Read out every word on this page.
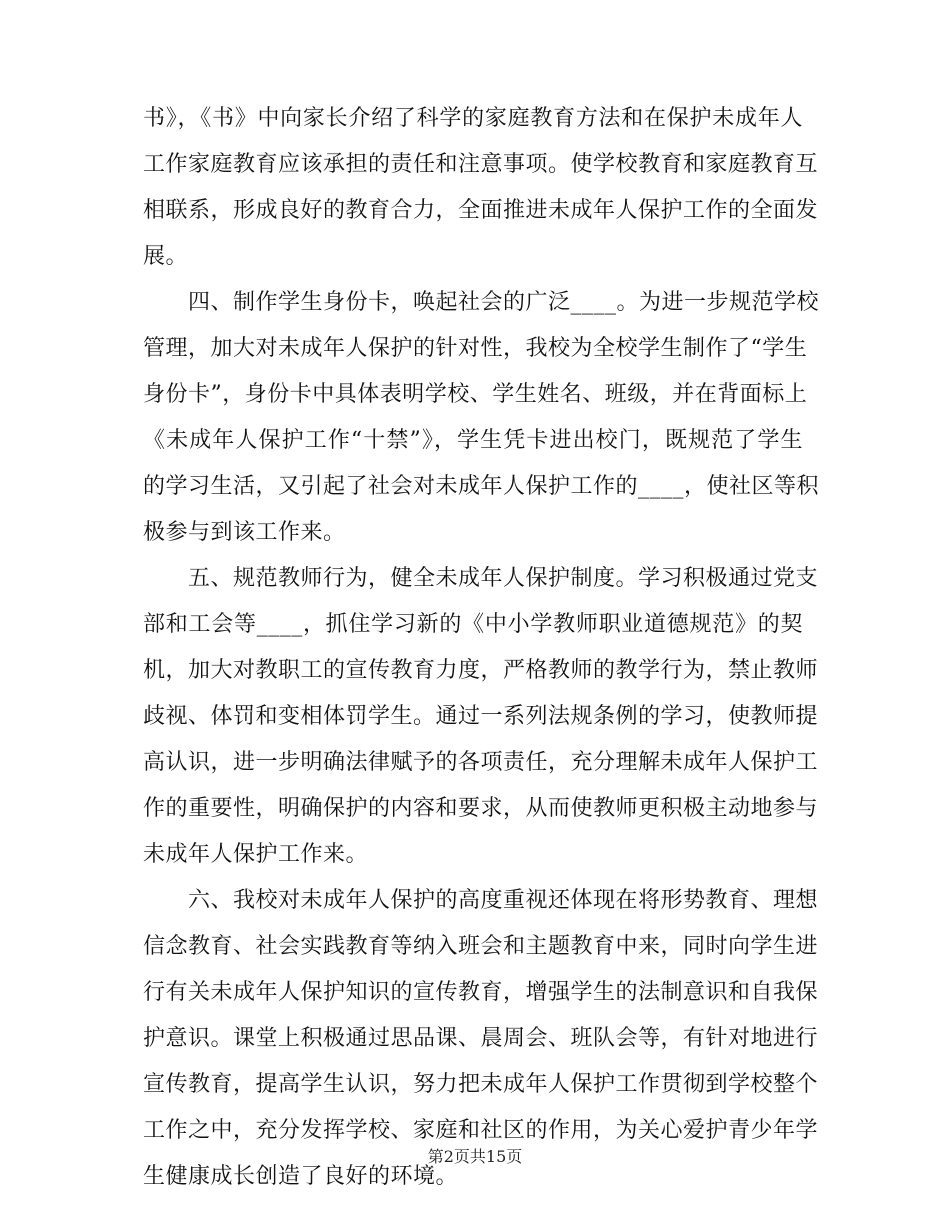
书》，《书》中向家长介绍了科学的家庭教育方法和在保护未成年人
工作家庭教育应该承担的责任和注意事项。使学校教育和家庭教育互
相联系，形成良好的教育合力，全面推进未成年人保护工作的全面发
展。

　　四、制作学生身份卡，唤起社会的广泛____。为进一步规范学校
管理，加大对未成年人保护的针对性，我校为全校学生制作了“学生
身份卡”，身份卡中具体表明学校、学生姓名、班级，并在背面标上
《未成年人保护工作“十禁”》，学生凭卡进出校门，既规范了学生
的学习生活，又引起了社会对未成年人保护工作的____，使社区等积
极参与到该工作来。

　　五、规范教师行为，健全未成年人保护制度。学习积极通过党支
部和工会等____，抓住学习新的《中小学教师职业道德规范》的契
机，加大对教职工的宣传教育力度，严格教师的教学行为，禁止教师
歧视、体罚和变相体罚学生。通过一系列法规条例的学习，使教师提
高认识，进一步明确法律赋予的各项责任，充分理解未成年人保护工
作的重要性，明确保护的内容和要求，从而使教师更积极主动地参与
未成年人保护工作来。

　　六、我校对未成年人保护的高度重视还体现在将形势教育、理想
信念教育、社会实践教育等纳入班会和主题教育中来，同时向学生进
行有关未成年人保护知识的宣传教育，增强学生的法制意识和自我保
护意识。课堂上积极通过思品课、晨周会、班队会等，有针对地进行
宣传教育，提高学生认识，努力把未成年人保护工作贯彻到学校整个
工作之中，充分发挥学校、家庭和社区的作用，为关心爱护青少年学
生健康成长创造了良好的环境。

第2页共15页
